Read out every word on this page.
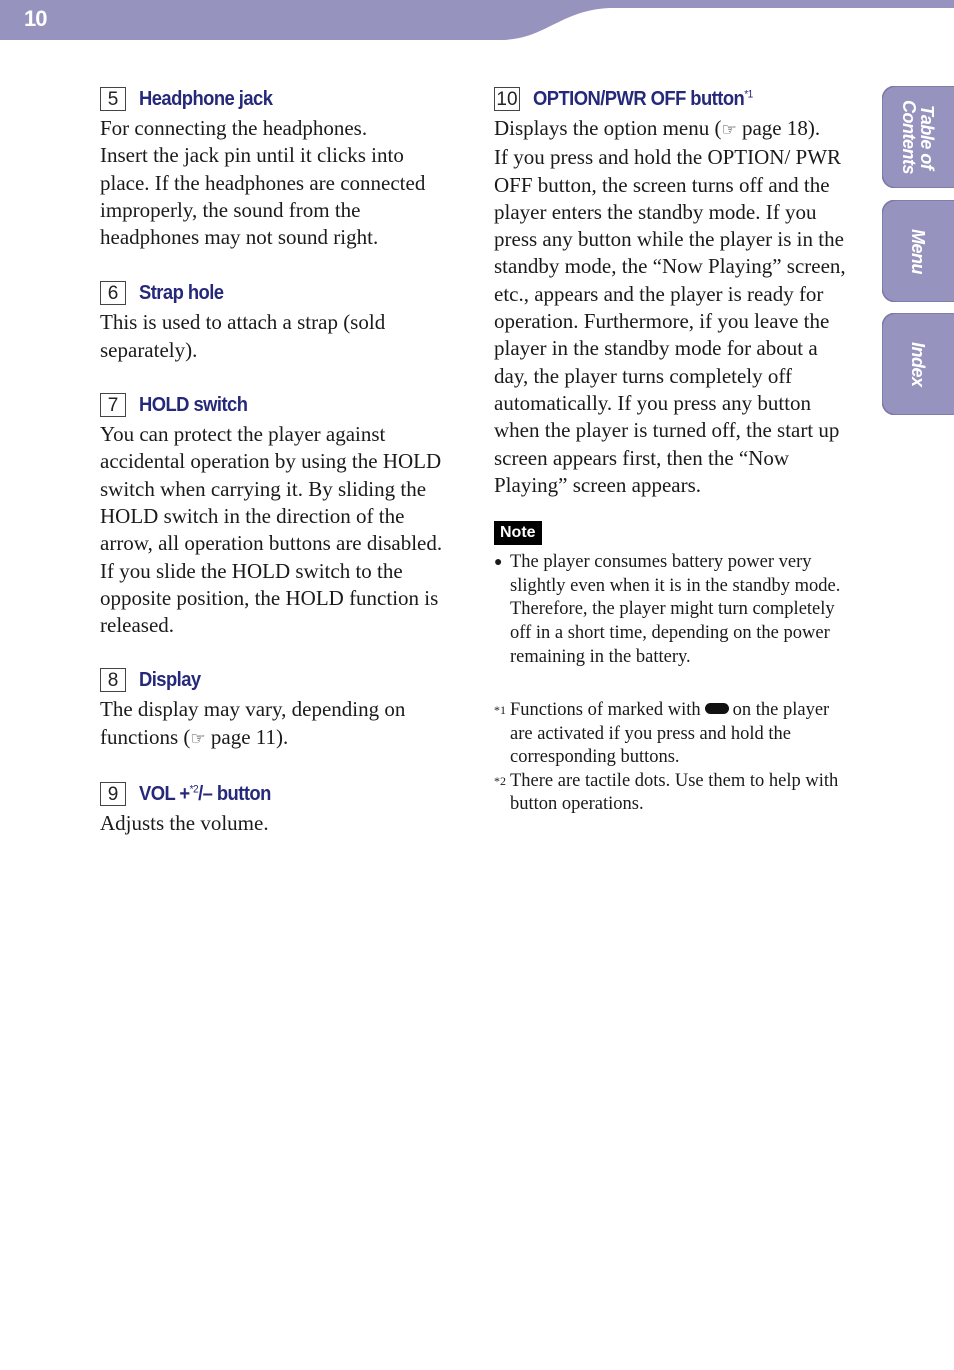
10
5	Headphone jack

For connecting the headphones.

Insert the jack pin until it clicks into place. If the headphones are connected improperly, the sound from the headphones may not sound right.

6	Strap hole

This is used to attach a strap (sold separately).

7	HOLD switch

You can protect the player against accidental operation by using the HOLD switch when carrying it. By sliding the HOLD switch in the direction of the arrow, all operation buttons are disabled. If you slide the HOLD switch to the opposite position, the HOLD function is released.

8	Display

The display may vary, depending on functions (☞ page 11).

9	VOL +$^{*2}$/– button

Adjusts the volume.

10 OPTION/PWR OFF button$^{*1}$

Displays the option menu (☞ page 18).

If you press and hold the OPTION/ PWR OFF button, the screen turns off and the player enters the standby mode. If you press any button while the player is in the standby mode, the “Now Playing” screen, etc., appears and the player is ready for operation. Furthermore, if you leave the player in the standby mode for about a day, the player turns completely off automatically. If you press any button when the player is turned off, the start up screen appears first, then the “Now Playing” screen appears.

Note
● The player consumes battery power very slightly even when it is in the standby mode. Therefore, the player might turn completely off in a short time, depending on the power remaining in the battery.
*1 Functions of marked with on the player are activated if you press and hold the corresponding buttons.
*2 There are tactile dots. Use them to help with button operations.
Table of Contents
Menu
Index
